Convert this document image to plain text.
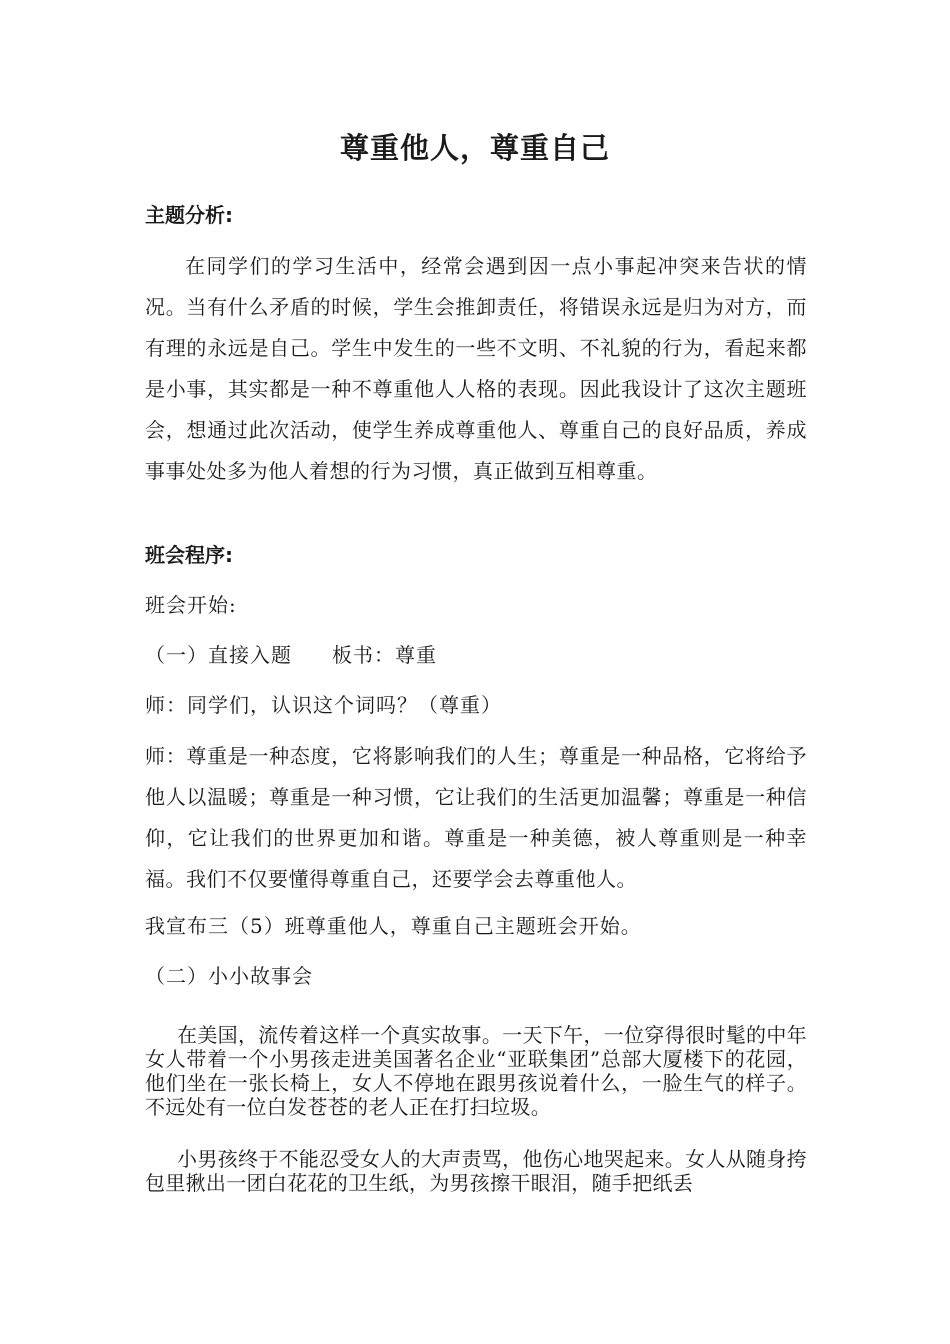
尊重他人，尊重自己
主题分析:
在同学们的学习生活中，经常会遇到因一点小事起冲突来告状的情况。当有什么矛盾的时候，学生会推卸责任，将错误永远是归为对方，而有理的永远是自己。学生中发生的一些不文明、不礼貌的行为，看起来都是小事，其实都是一种不尊重他人人格的表现。因此我设计了这次主题班会，想通过此次活动，使学生养成尊重他人、尊重自己的良好品质，养成事事处处多为他人着想的行为习惯，真正做到互相尊重。
班会程序:
班会开始:
（一）直接入题 板书：尊重
师：同学们，认识这个词吗？（尊重）
师：尊重是一种态度，它将影响我们的人生；尊重是一种品格，它将给予他人以温暖；尊重是一种习惯，它让我们的生活更加温馨；尊重是一种信仰，它让我们的世界更加和谐。尊重是一种美德，被人尊重则是一种幸福。我们不仅要懂得尊重自己，还要学会去尊重他人。
我宣布三（5）班尊重他人，尊重自己主题班会开始。
（二）小小故事会
在美国，流传着这样一个真实故事。一天下午，一位穿得很时髦的中年女人带着一个小男孩走进美国著名企业“亚联集团”总部大厦楼下的花园，他们坐在一张长椅上，女人不停地在跟男孩说着什么，一脸生气的样子。不远处有一位白发苍苍的老人正在打扫垃圾。
小男孩终于不能忍受女人的大声责骂，他伤心地哭起来。女人从随身挎包里揪出一团白花花的卫生纸，为男孩擦干眼泪，随手把纸丢
